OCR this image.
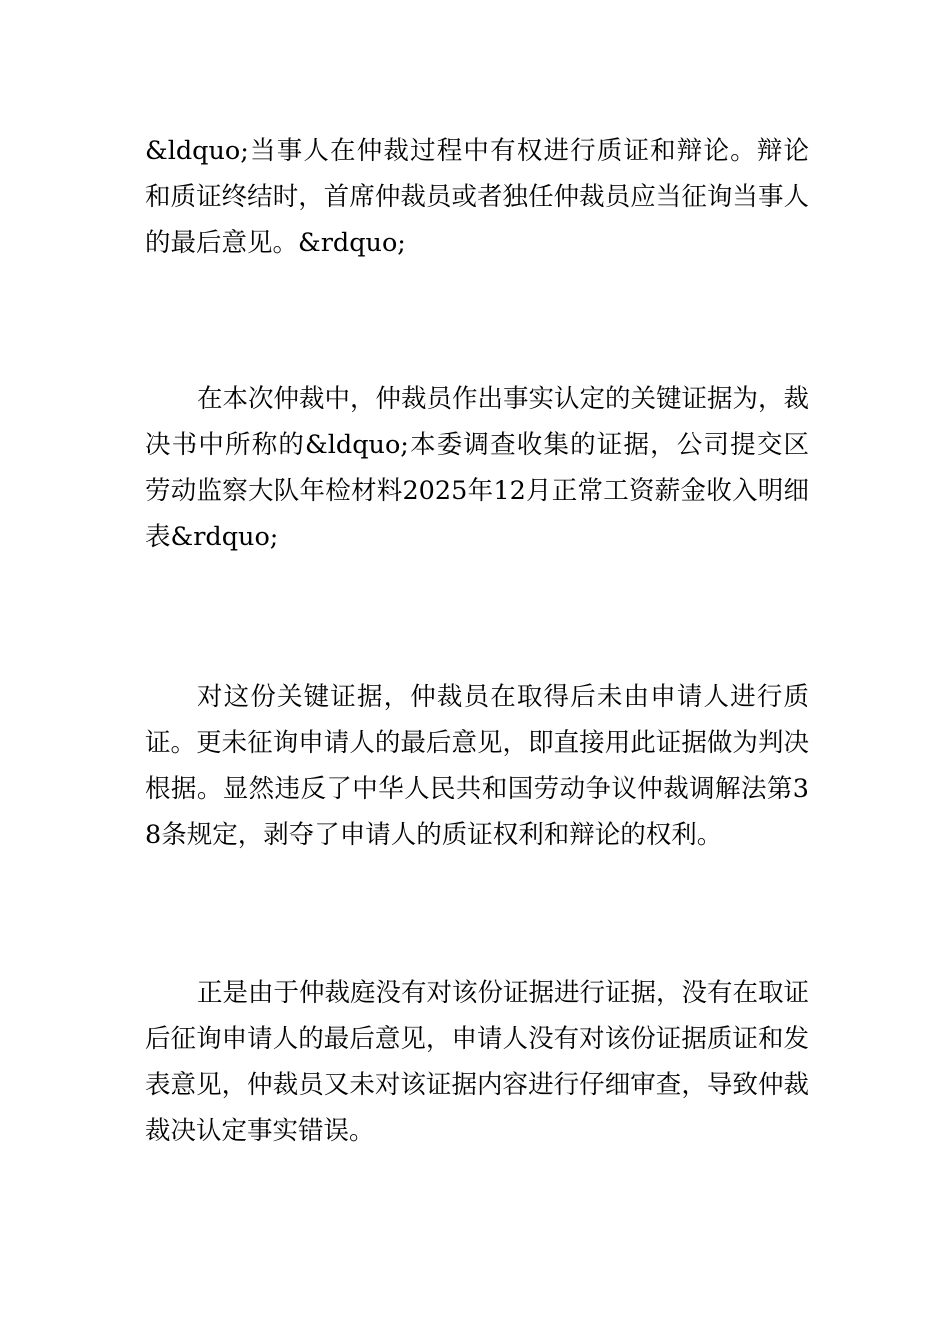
&ldquo;当事人在仲裁过程中有权进行质证和辩论。辩论和质证终结时，首席仲裁员或者独任仲裁员应当征询当事人的最后意见。&rdquo;

在本次仲裁中，仲裁员作出事实认定的关键证据为，裁决书中所称的&ldquo;本委调查收集的证据，公司提交区劳动监察大队年检材料2025年12月正常工资薪金收入明细表&rdquo;

对这份关键证据，仲裁员在取得后未由申请人进行质证。更未征询申请人的最后意见，即直接用此证据做为判决根据。显然违反了中华人民共和国劳动争议仲裁调解法第38条规定，剥夺了申请人的质证权利和辩论的权利。

正是由于仲裁庭没有对该份证据进行证据，没有在取证后征询申请人的最后意见，申请人没有对该份证据质证和发表意见，仲裁员又未对该证据内容进行仔细审查，导致仲裁裁决认定事实错误。
